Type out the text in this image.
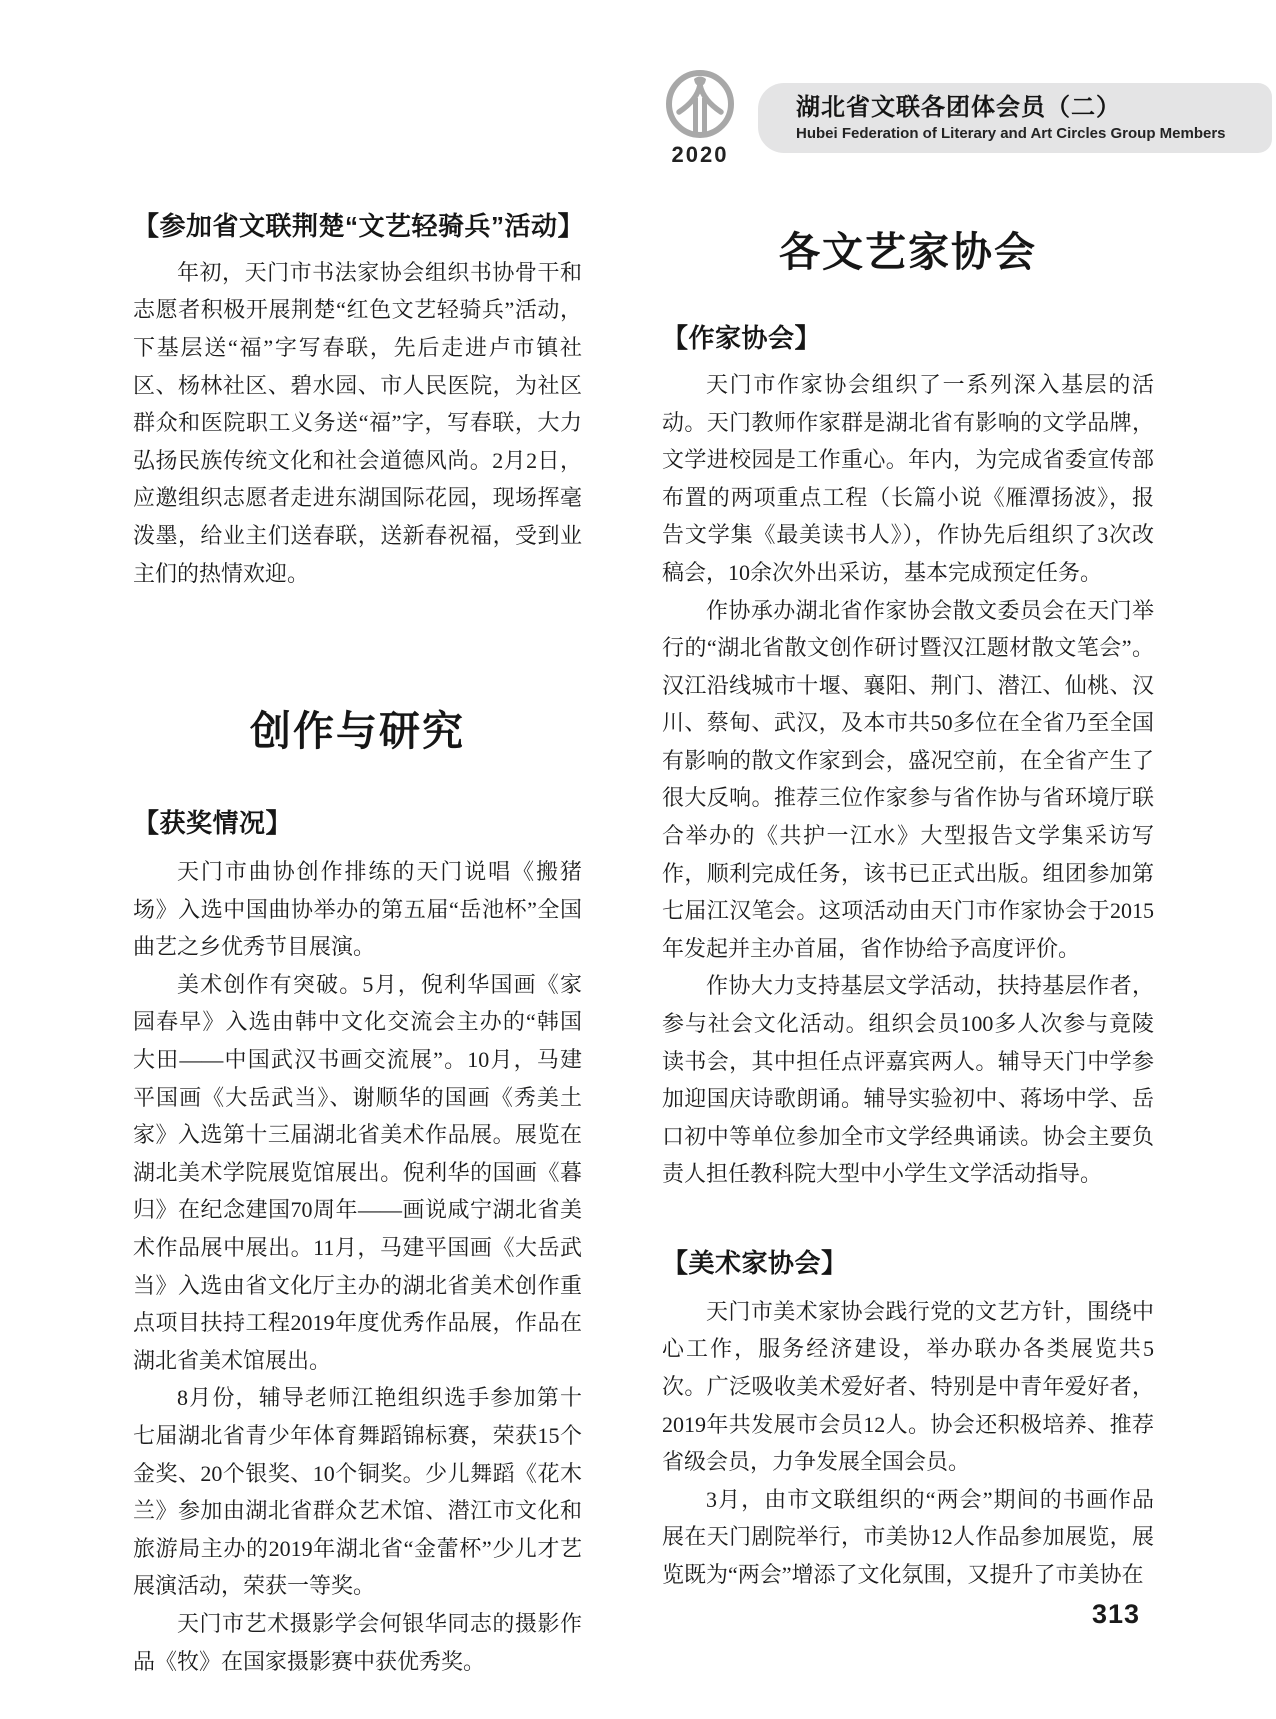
2020
湖北省文联各团体会员（二）
Hubei Federation of Literary and Art Circles Group Members
【参加省文联荆楚“文艺轻骑兵”活动】

年初，天门市书法家协会组织书协骨干和志愿者积极开展荆楚“红色文艺轻骑兵”活动，下基层送“福”字写春联，先后走进卢市镇社区、杨林社区、碧水园、市人民医院，为社区群众和医院职工义务送“福”字，写春联，大力弘扬民族传统文化和社会道德风尚。2月2日，应邀组织志愿者走进东湖国际花园，现场挥毫泼墨，给业主们送春联，送新春祝福，受到业主们的热情欢迎。

创作与研究
【获奖情况】

天门市曲协创作排练的天门说唱《搬猪场》入选中国曲协举办的第五届“岳池杯”全国曲艺之乡优秀节目展演。

美术创作有突破。5月，倪利华国画《家园春早》入选由韩中文化交流会主办的“韩国大田——中国武汉书画交流展”。10月，马建平国画《大岳武当》、谢顺华的国画《秀美土家》入选第十三届湖北省美术作品展。展览在湖北美术学院展览馆展出。倪利华的国画《暮归》在纪念建国70周年——画说咸宁湖北省美术作品展中展出。11月，马建平国画《大岳武当》入选由省文化厅主办的湖北省美术创作重点项目扶持工程2019年度优秀作品展，作品在湖北省美术馆展出。

8月份，辅导老师江艳组织选手参加第十七届湖北省青少年体育舞蹈锦标赛，荣获15个金奖、20个银奖、10个铜奖。少儿舞蹈《花木兰》参加由湖北省群众艺术馆、潜江市文化和旅游局主办的2019年湖北省“金蕾杯”少儿才艺展演活动，荣获一等奖。

天门市艺术摄影学会何银华同志的摄影作品《牧》在国家摄影赛中获优秀奖。

各文艺家协会
【作家协会】

天门市作家协会组织了一系列深入基层的活动。天门教师作家群是湖北省有影响的文学品牌，文学进校园是工作重心。年内，为完成省委宣传部布置的两项重点工程（长篇小说《雁潭扬波》，报告文学集《最美读书人》），作协先后组织了3次改稿会，10余次外出采访，基本完成预定任务。

作协承办湖北省作家协会散文委员会在天门举行的“湖北省散文创作研讨暨汉江题材散文笔会”。汉江沿线城市十堰、襄阳、荆门、潜江、仙桃、汉川、蔡甸、武汉，及本市共50多位在全省乃至全国有影响的散文作家到会，盛况空前，在全省产生了很大反响。推荐三位作家参与省作协与省环境厅联合举办的《共护一江水》大型报告文学集采访写作，顺利完成任务，该书已正式出版。组团参加第七届江汉笔会。这项活动由天门市作家协会于2015年发起并主办首届，省作协给予高度评价。

作协大力支持基层文学活动，扶持基层作者，参与社会文化活动。组织会员100多人次参与竟陵读书会，其中担任点评嘉宾两人。辅导天门中学参加迎国庆诗歌朗诵。辅导实验初中、蒋场中学、岳口初中等单位参加全市文学经典诵读。协会主要负责人担任教科院大型中小学生文学活动指导。

【美术家协会】

天门市美术家协会践行党的文艺方针，围绕中心工作，服务经济建设，举办联办各类展览共5次。广泛吸收美术爱好者、特别是中青年爱好者，2019年共发展市会员12人。协会还积极培养、推荐省级会员，力争发展全国会员。

3月，由市文联组织的“两会”期间的书画作品展在天门剧院举行，市美协12人作品参加展览，展览既为“两会”增添了文化氛围，又提升了市美协在

313
